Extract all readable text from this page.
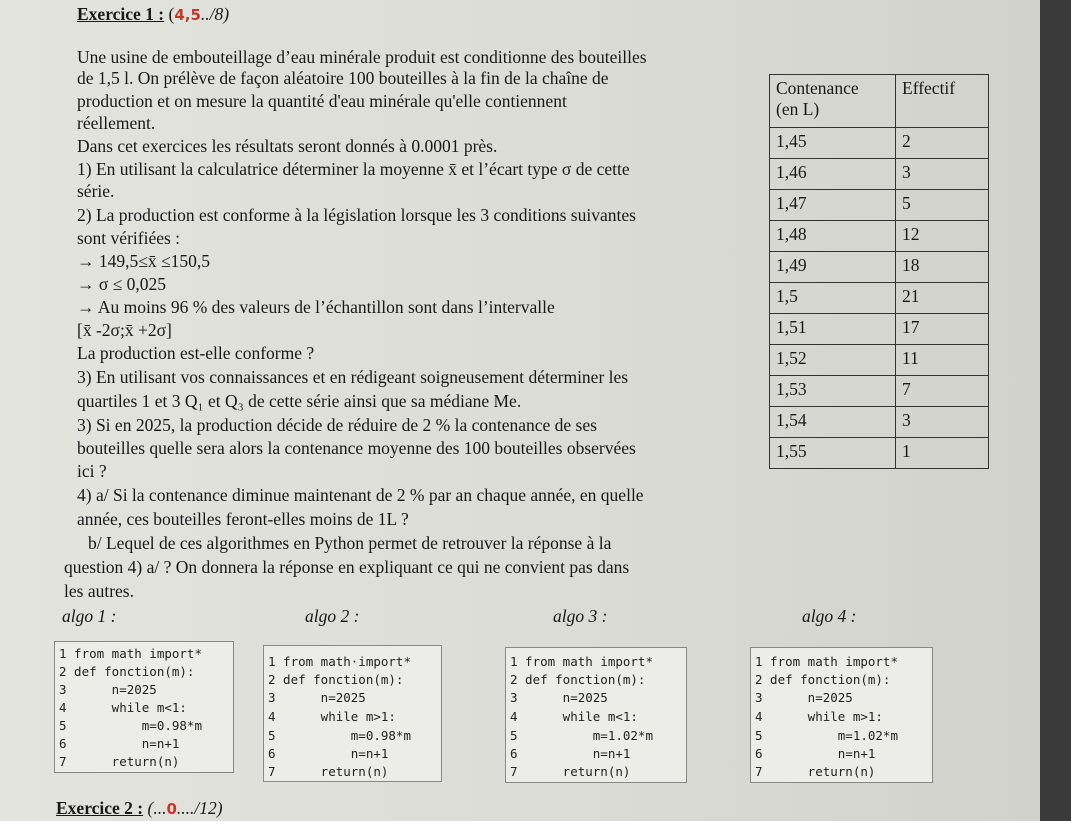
Exercice 1 : (4,5../8)
Une usine de embouteillage d’eau minérale produit est conditionne des bouteilles
de 1,5 l. On prélève de façon aléatoire 100 bouteilles à la fin de la chaîne de
production et on mesure la quantité d'eau minérale qu'elle contiennent
réellement.
Dans cet exercices les résultats seront donnés à 0.0001 près.
1) En utilisant la calculatrice déterminer la moyenne x̄ et l’écart type σ de cette
série.
2) La production est conforme à la législation lorsque les 3 conditions suivantes
sont vérifiées :
→ 149,5≤x̄ ≤150,5
→ σ ≤ 0,025
→ Au moins 96 % des valeurs de l’échantillon sont dans l’intervalle
[x̄ -2σ;x̄ +2σ]
La production est-elle conforme ?
3) En utilisant vos connaissances et en rédigeant soigneusement déterminer les
quartiles 1 et 3 Q₁ et Q₃ de cette série ainsi que sa médiane Me.
3) Si en 2025, la production décide de réduire de 2 % la contenance de ses
bouteilles quelle sera alors la contenance moyenne des 100 bouteilles observées
ici ?
4) a/ Si la contenance diminue maintenant de 2 % par an chaque année, en quelle
année, ces bouteilles feront-elles moins de 1L ?
b/ Lequel de ces algorithmes en Python permet de retrouver la réponse à la
question 4) a/ ? On donnera la réponse en expliquant ce qui ne convient pas dans
les autres.
Contenance
(en L)	Effectif
1,45	2
1,46	3
1,47	5
1,48	12
1,49	18
1,5	21
1,51	17
1,52	11
1,53	7
1,54	3
1,55	1
algo 1 :	algo 2 :	algo 3 :	algo 4 :
1 from math import*
2 def fonction(m):
3      n=2025
4      while m<1:
5          m=0.98*m
6          n=n+1
7      return(n)
1 from math·import*
2 def fonction(m):
3      n=2025
4      while m>1:
5          m=0.98*m
6          n=n+1
7      return(n)
1 from math import*
2 def fonction(m):
3      n=2025
4      while m<1:
5          m=1.02*m
6          n=n+1
7      return(n)
1 from math import*
2 def fonction(m):
3      n=2025
4      while m>1:
5          m=1.02*m
6          n=n+1
7      return(n)
Exercice 2 : (...0..../12)
